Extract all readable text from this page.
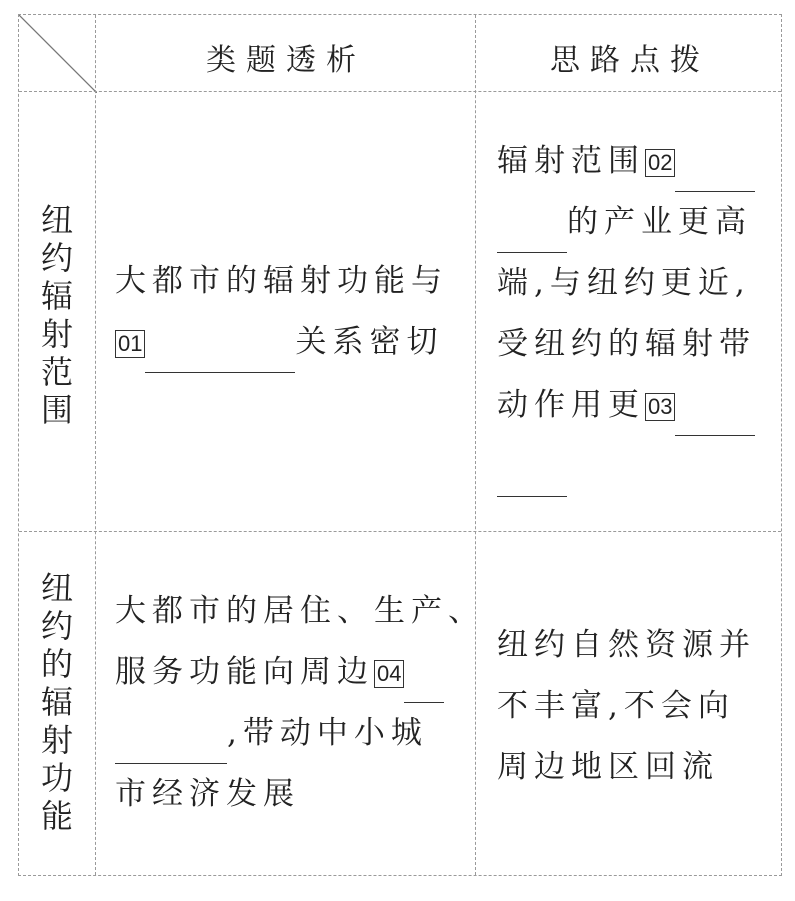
类题透析	思路点拨
纽
约
辐
射
范
围
大都市的辐射功能与
01	关系密切
辐射范围 02
的产业更高
端,与纽约更近,
受纽约的辐射带
动作用更 03
纽
约
的
辐
射
功
能
大都市的居住、生产、
服务功能向周边 04
,带动中小城
市经济发展
纽约自然资源并
不丰富,不会向
周边地区回流
